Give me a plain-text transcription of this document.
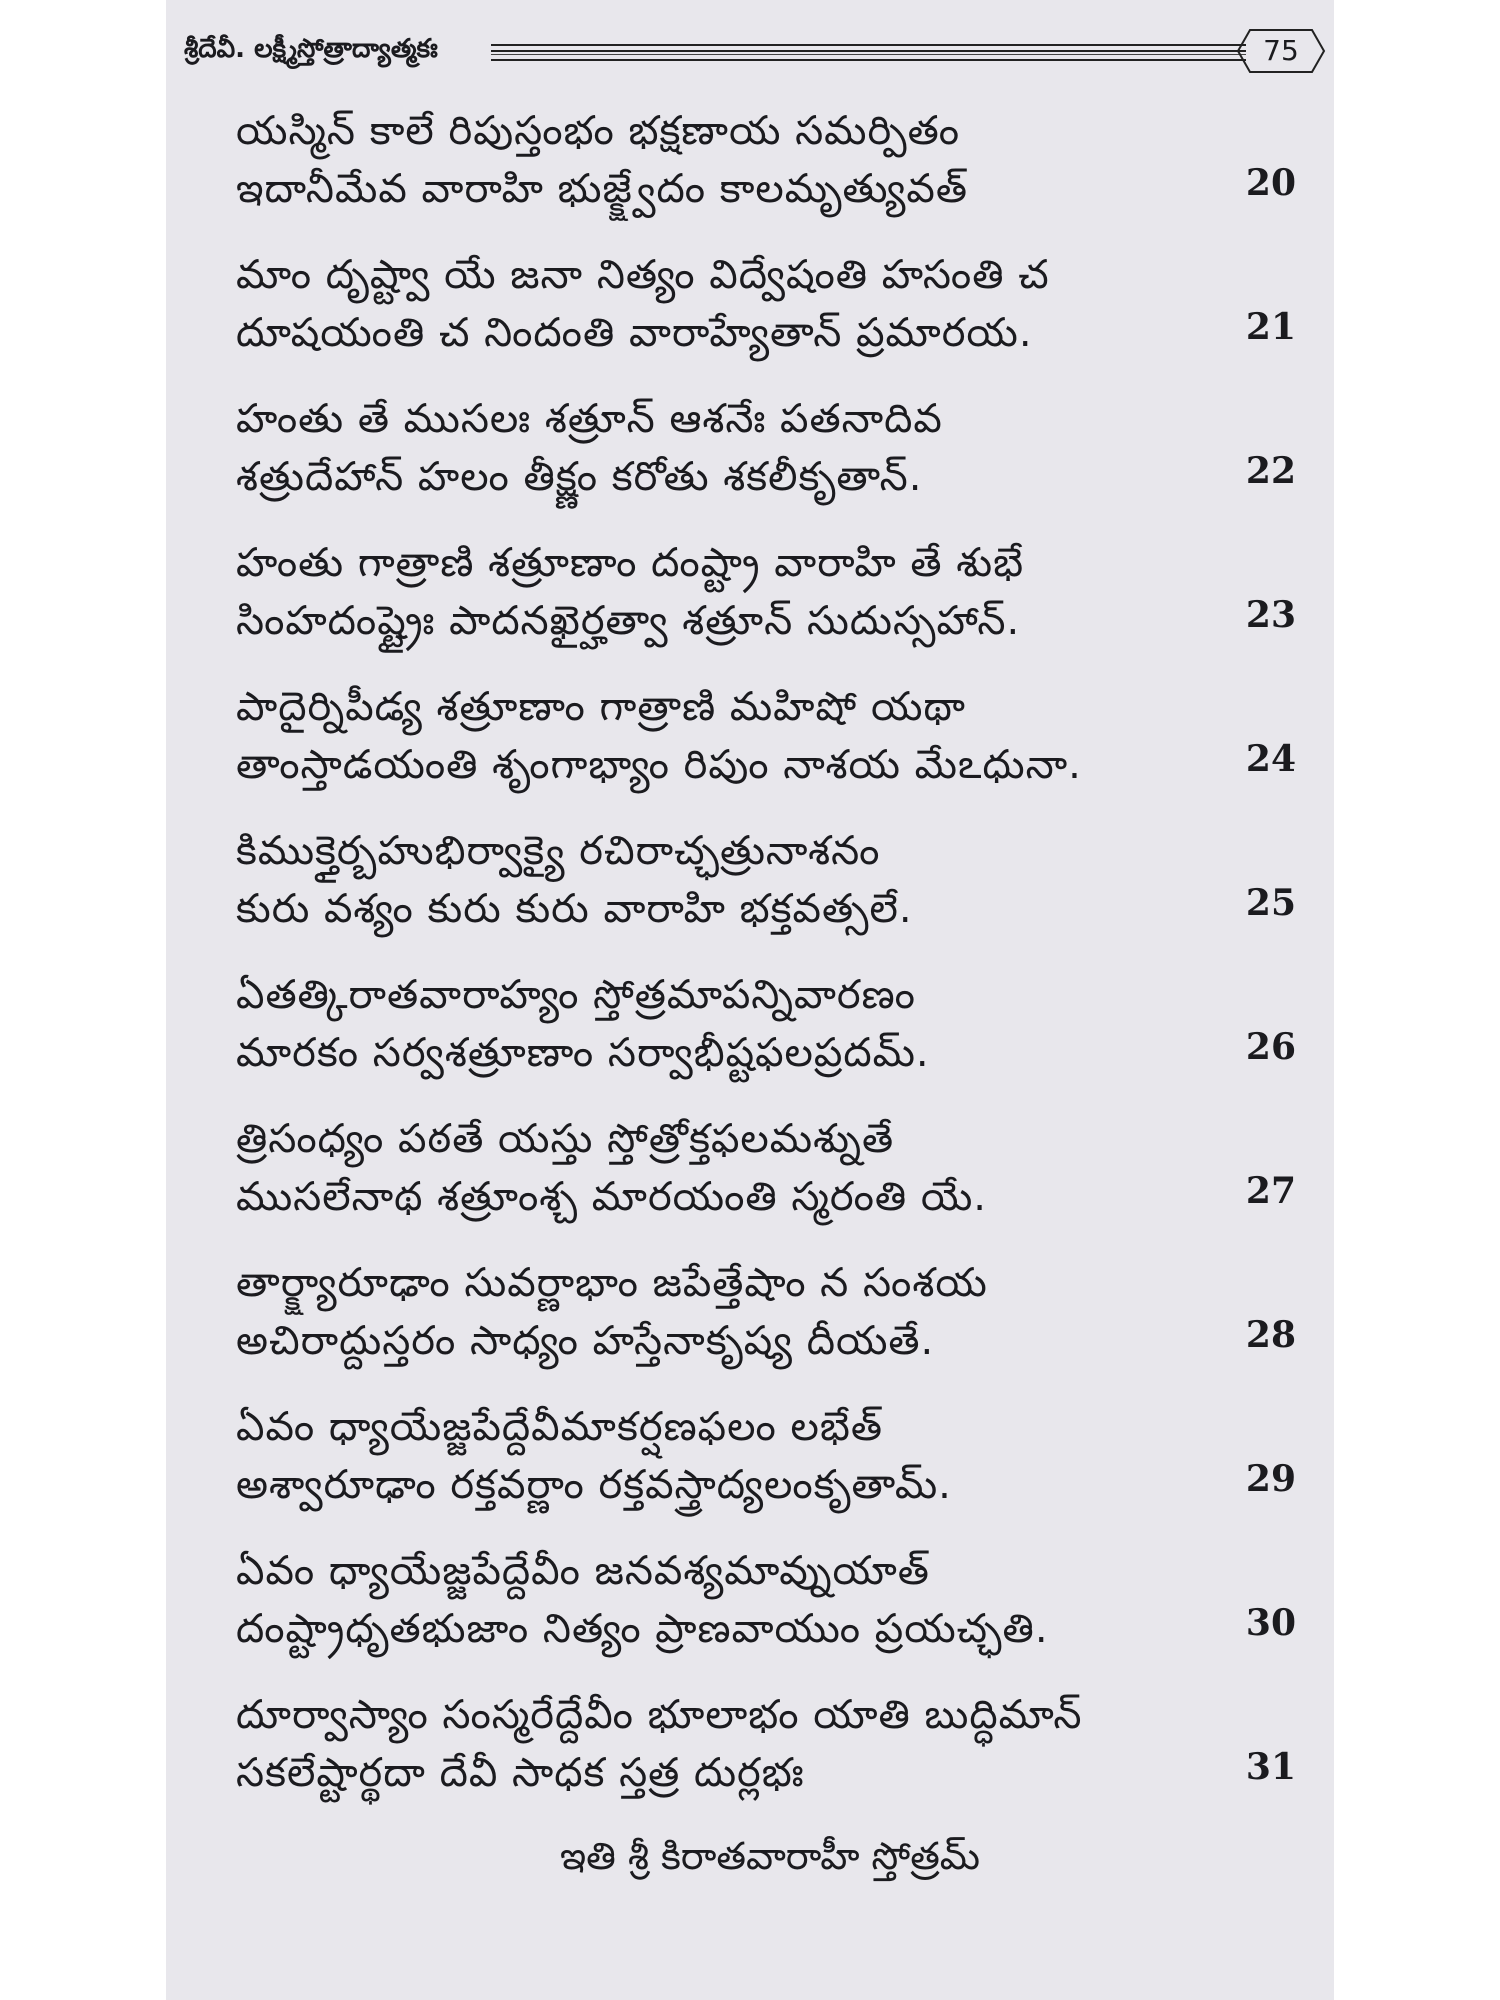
శ్రీదేవీ. లక్ష్మీస్తోత్రాద్యాత్మకః	75
యస్మిన్ కాలే రిపుస్తంభం భక్షణాయ సమర్పితం
ఇదానీమేవ వారాహి భుజ్క్ష్వేదం కాలమృత్యువత్	20
మాం దృష్ట్వా యే జనా నిత్యం విద్వేషంతి హసంతి చ
దూషయంతి చ నిందంతి వారాహ్యేతాన్ ప్రమారయ.	21
హంతు తే ముసలః శత్రూన్ ఆశనేః పతనాదివ
శత్రుదేహాన్ హలం తీక్ష్ణం కరోతు శకలీకృతాన్.	22
హంతు గాత్రాణి శత్రూణాం దంష్ట్రా వారాహి తే శుభే
సింహదంష్ట్రైః పాదనఖైర్హత్వా శత్రూన్ సుదుస్సహాన్.	23
పాదైర్నిపీడ్య శత్రూణాం గాత్రాణి మహిషో యథా
తాంస్తాడయంతి శృంగాభ్యాం రిపుం నాశయ మేఽధునా.	24
కిముక్తైర్బహుభిర్వాక్యై రచిరాచ్ఛత్రునాశనం
కురు వశ్యం కురు కురు వారాహి భక్తవత్సలే.	25
ఏతత్కిరాతవారాహ్యం స్తోత్రమాపన్నివారణం
మారకం సర్వశత్రూణాం సర్వాభీష్టఫలప్రదమ్.	26
త్రిసంధ్యం పఠతే యస్తు స్తోత్రోక్తఫలమశ్నుతే
ముసలేనాథ శత్రూంశ్చ మారయంతి స్మరంతి యే.	27
తార్క్ష్యారూఢాం సువర్ణాభాం జపేత్తేషాం న సంశయ
అచిరాద్దుస్తరం సాధ్యం హస్తేనాకృష్య దీయతే.	28
ఏవం ధ్యాయేజ్జపేద్దేవీమాకర్షణఫలం లభేత్
అశ్వారూఢాం రక్తవర్ణాం రక్తవస్త్రాద్యలంకృతామ్.	29
ఏవం ధ్యాయేజ్జపేద్దేవీం జనవశ్యమావ్నుయాత్
దంష్ట్రాధృతభుజాం నిత్యం ప్రాణవాయుం ప్రయచ్ఛతి.	30
దూర్వాస్యాం సంస్మరేద్దేవీం భూలాభం యాతి బుద్ధిమాన్
సకలేష్టార్థదా దేవీ సాధక స్తత్ర దుర్లభః	31
ఇతి శ్రీ కిరాతవారాహీ స్తోత్రమ్
